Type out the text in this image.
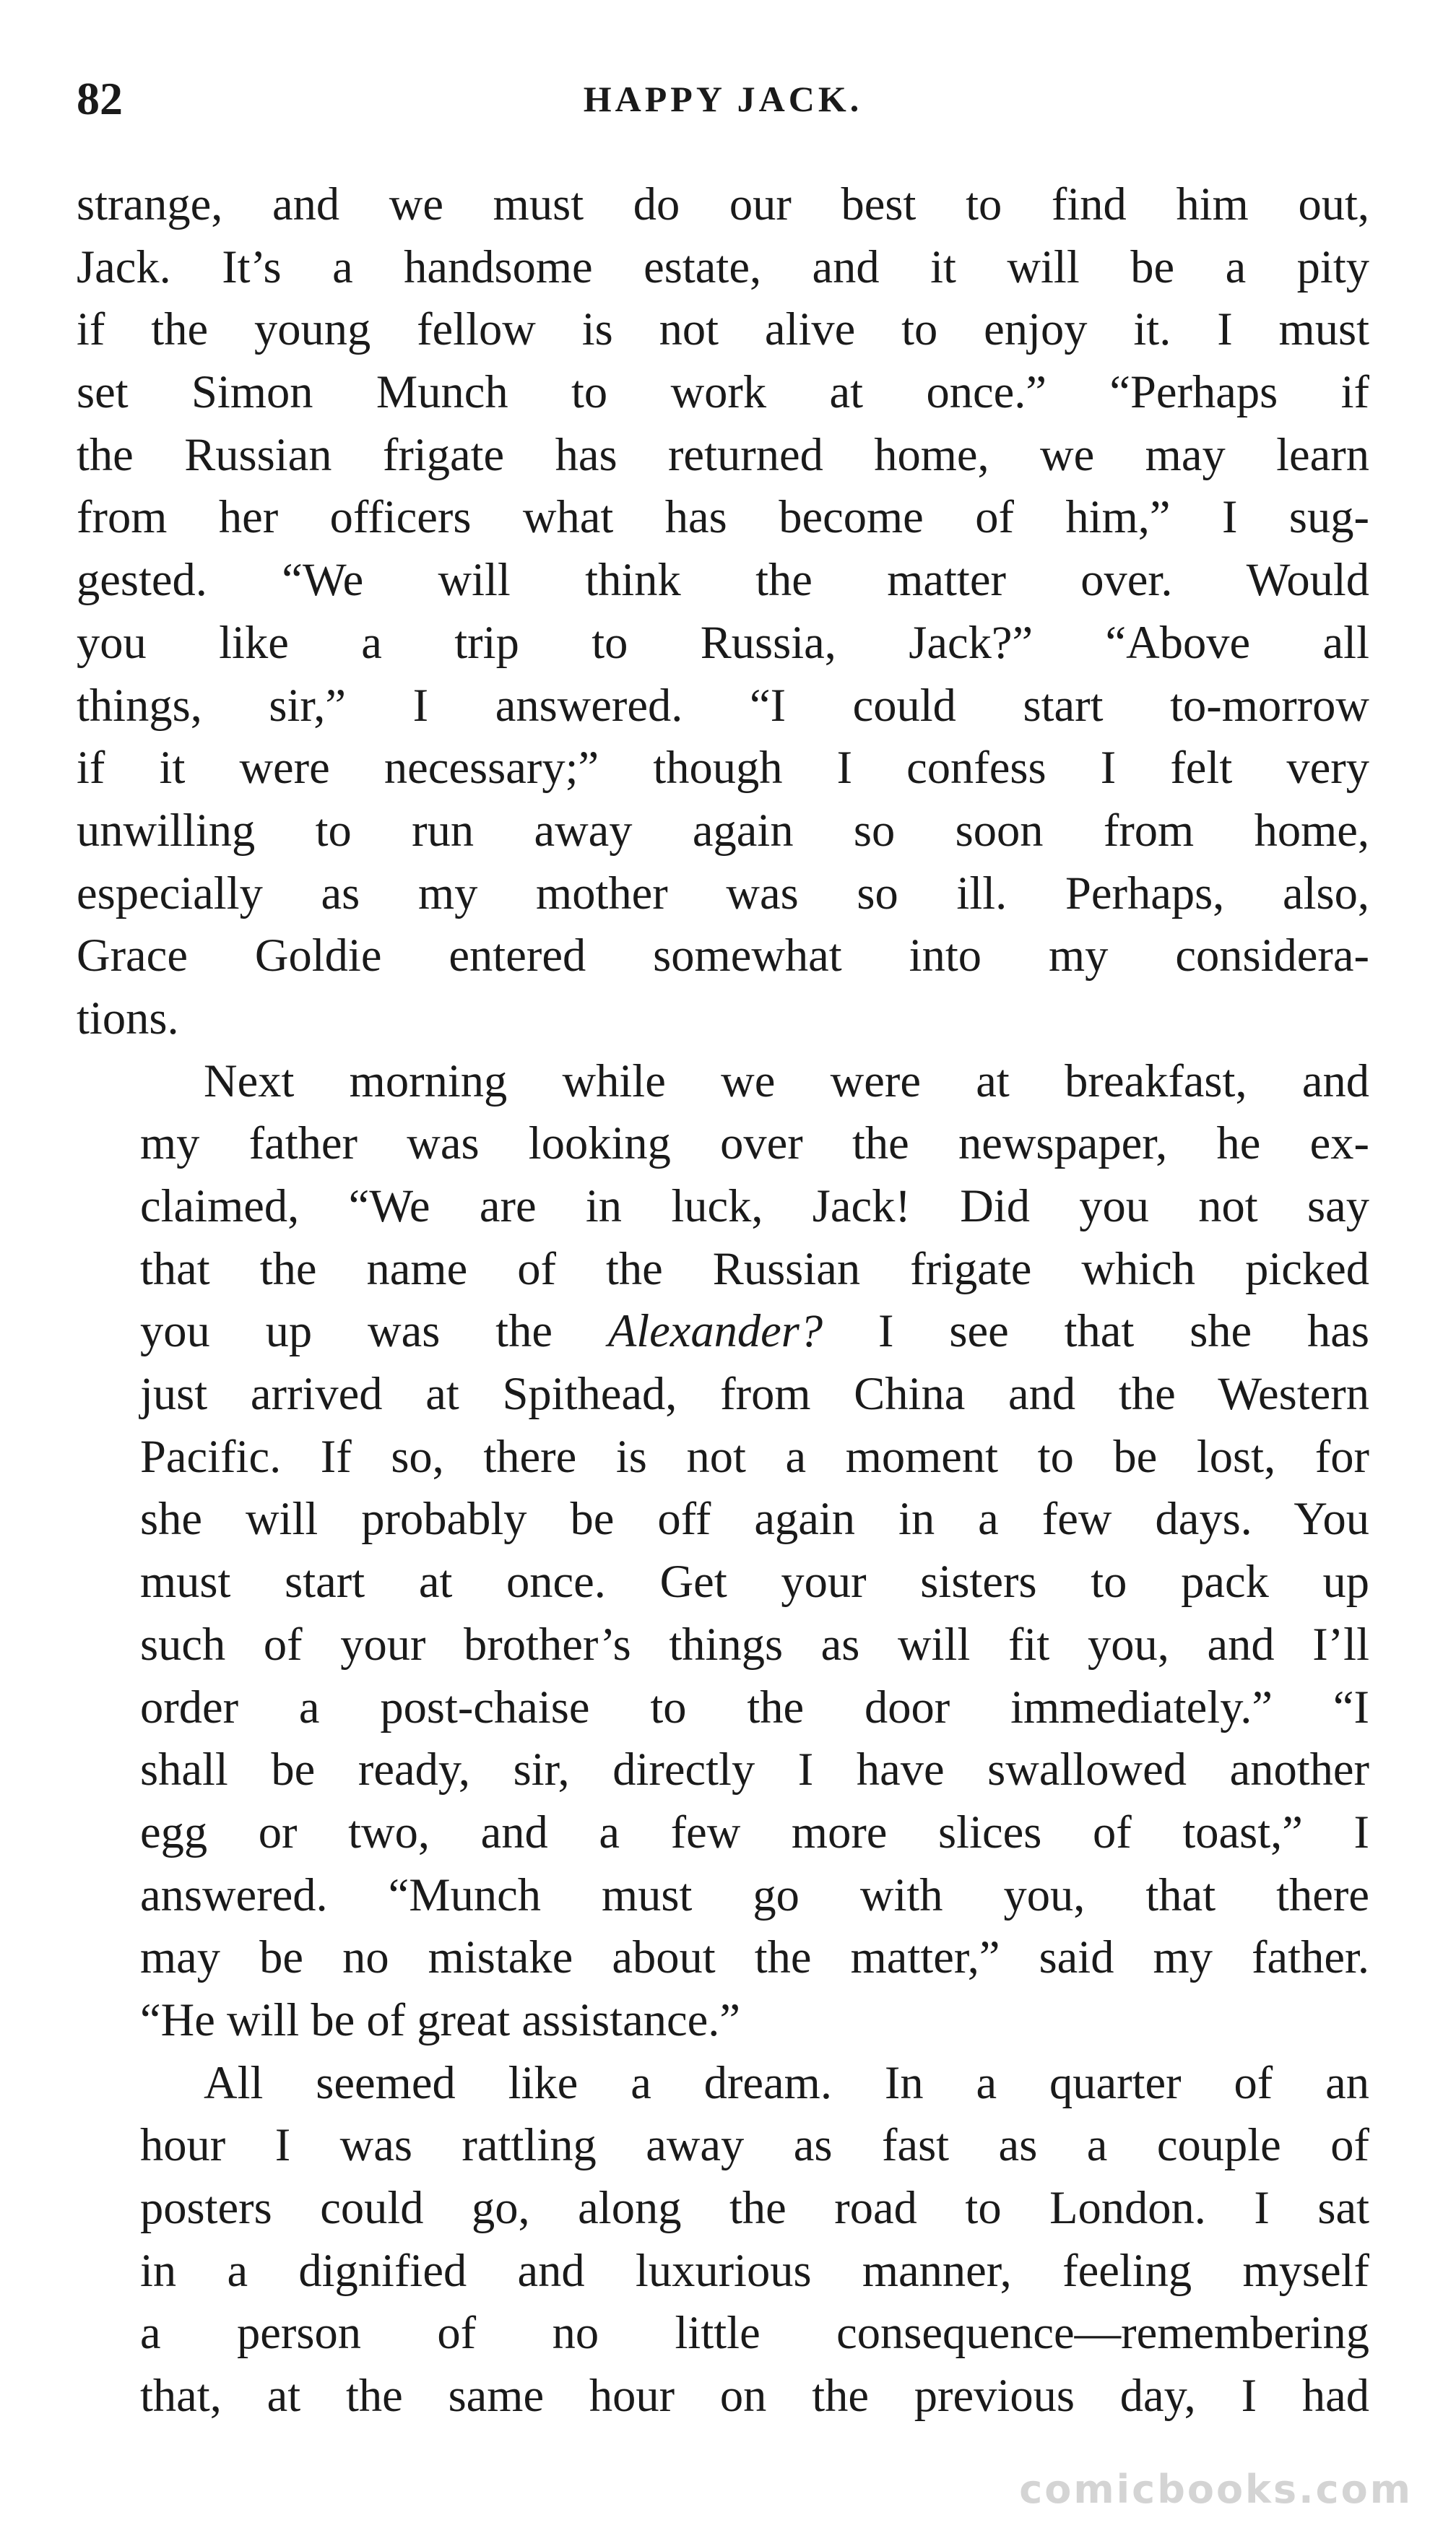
82	HAPPY JACK.
strange, and we must do our best to find him out,
Jack. It’s a handsome estate, and it will be a pity
if the young fellow is not alive to enjoy it. I must
set Simon Munch to work at once.” “Perhaps if
the Russian frigate has returned home, we may learn
from her officers what has become of him,” I sug-
gested. “We will think the matter over. Would
you like a trip to Russia, Jack?” “Above all
things, sir,” I answered. “I could start to-morrow
if it were necessary;” though I confess I felt very
unwilling to run away again so soon from home,
especially as my mother was so ill. Perhaps, also,
Grace Goldie entered somewhat into my considera-
tions.
Next morning while we were at breakfast, and
my father was looking over the newspaper, he ex-
claimed, “We are in luck, Jack! Did you not say
that the name of the Russian frigate which picked
you up was the Alexander? I see that she has
just arrived at Spithead, from China and the Western
Pacific. If so, there is not a moment to be lost, for
she will probably be off again in a few days. You
must start at once. Get your sisters to pack up
such of your brother’s things as will fit you, and I’ll
order a post-chaise to the door immediately.” “I
shall be ready, sir, directly I have swallowed another
egg or two, and a few more slices of toast,” I
answered. “Munch must go with you, that there
may be no mistake about the matter,” said my father.
“He will be of great assistance.”
All seemed like a dream. In a quarter of an
hour I was rattling away as fast as a couple of
posters could go, along the road to London. I sat
in a dignified and luxurious manner, feeling myself
a person of no little consequence—remembering
that, at the same hour on the previous day, I had
comicbooks.com
